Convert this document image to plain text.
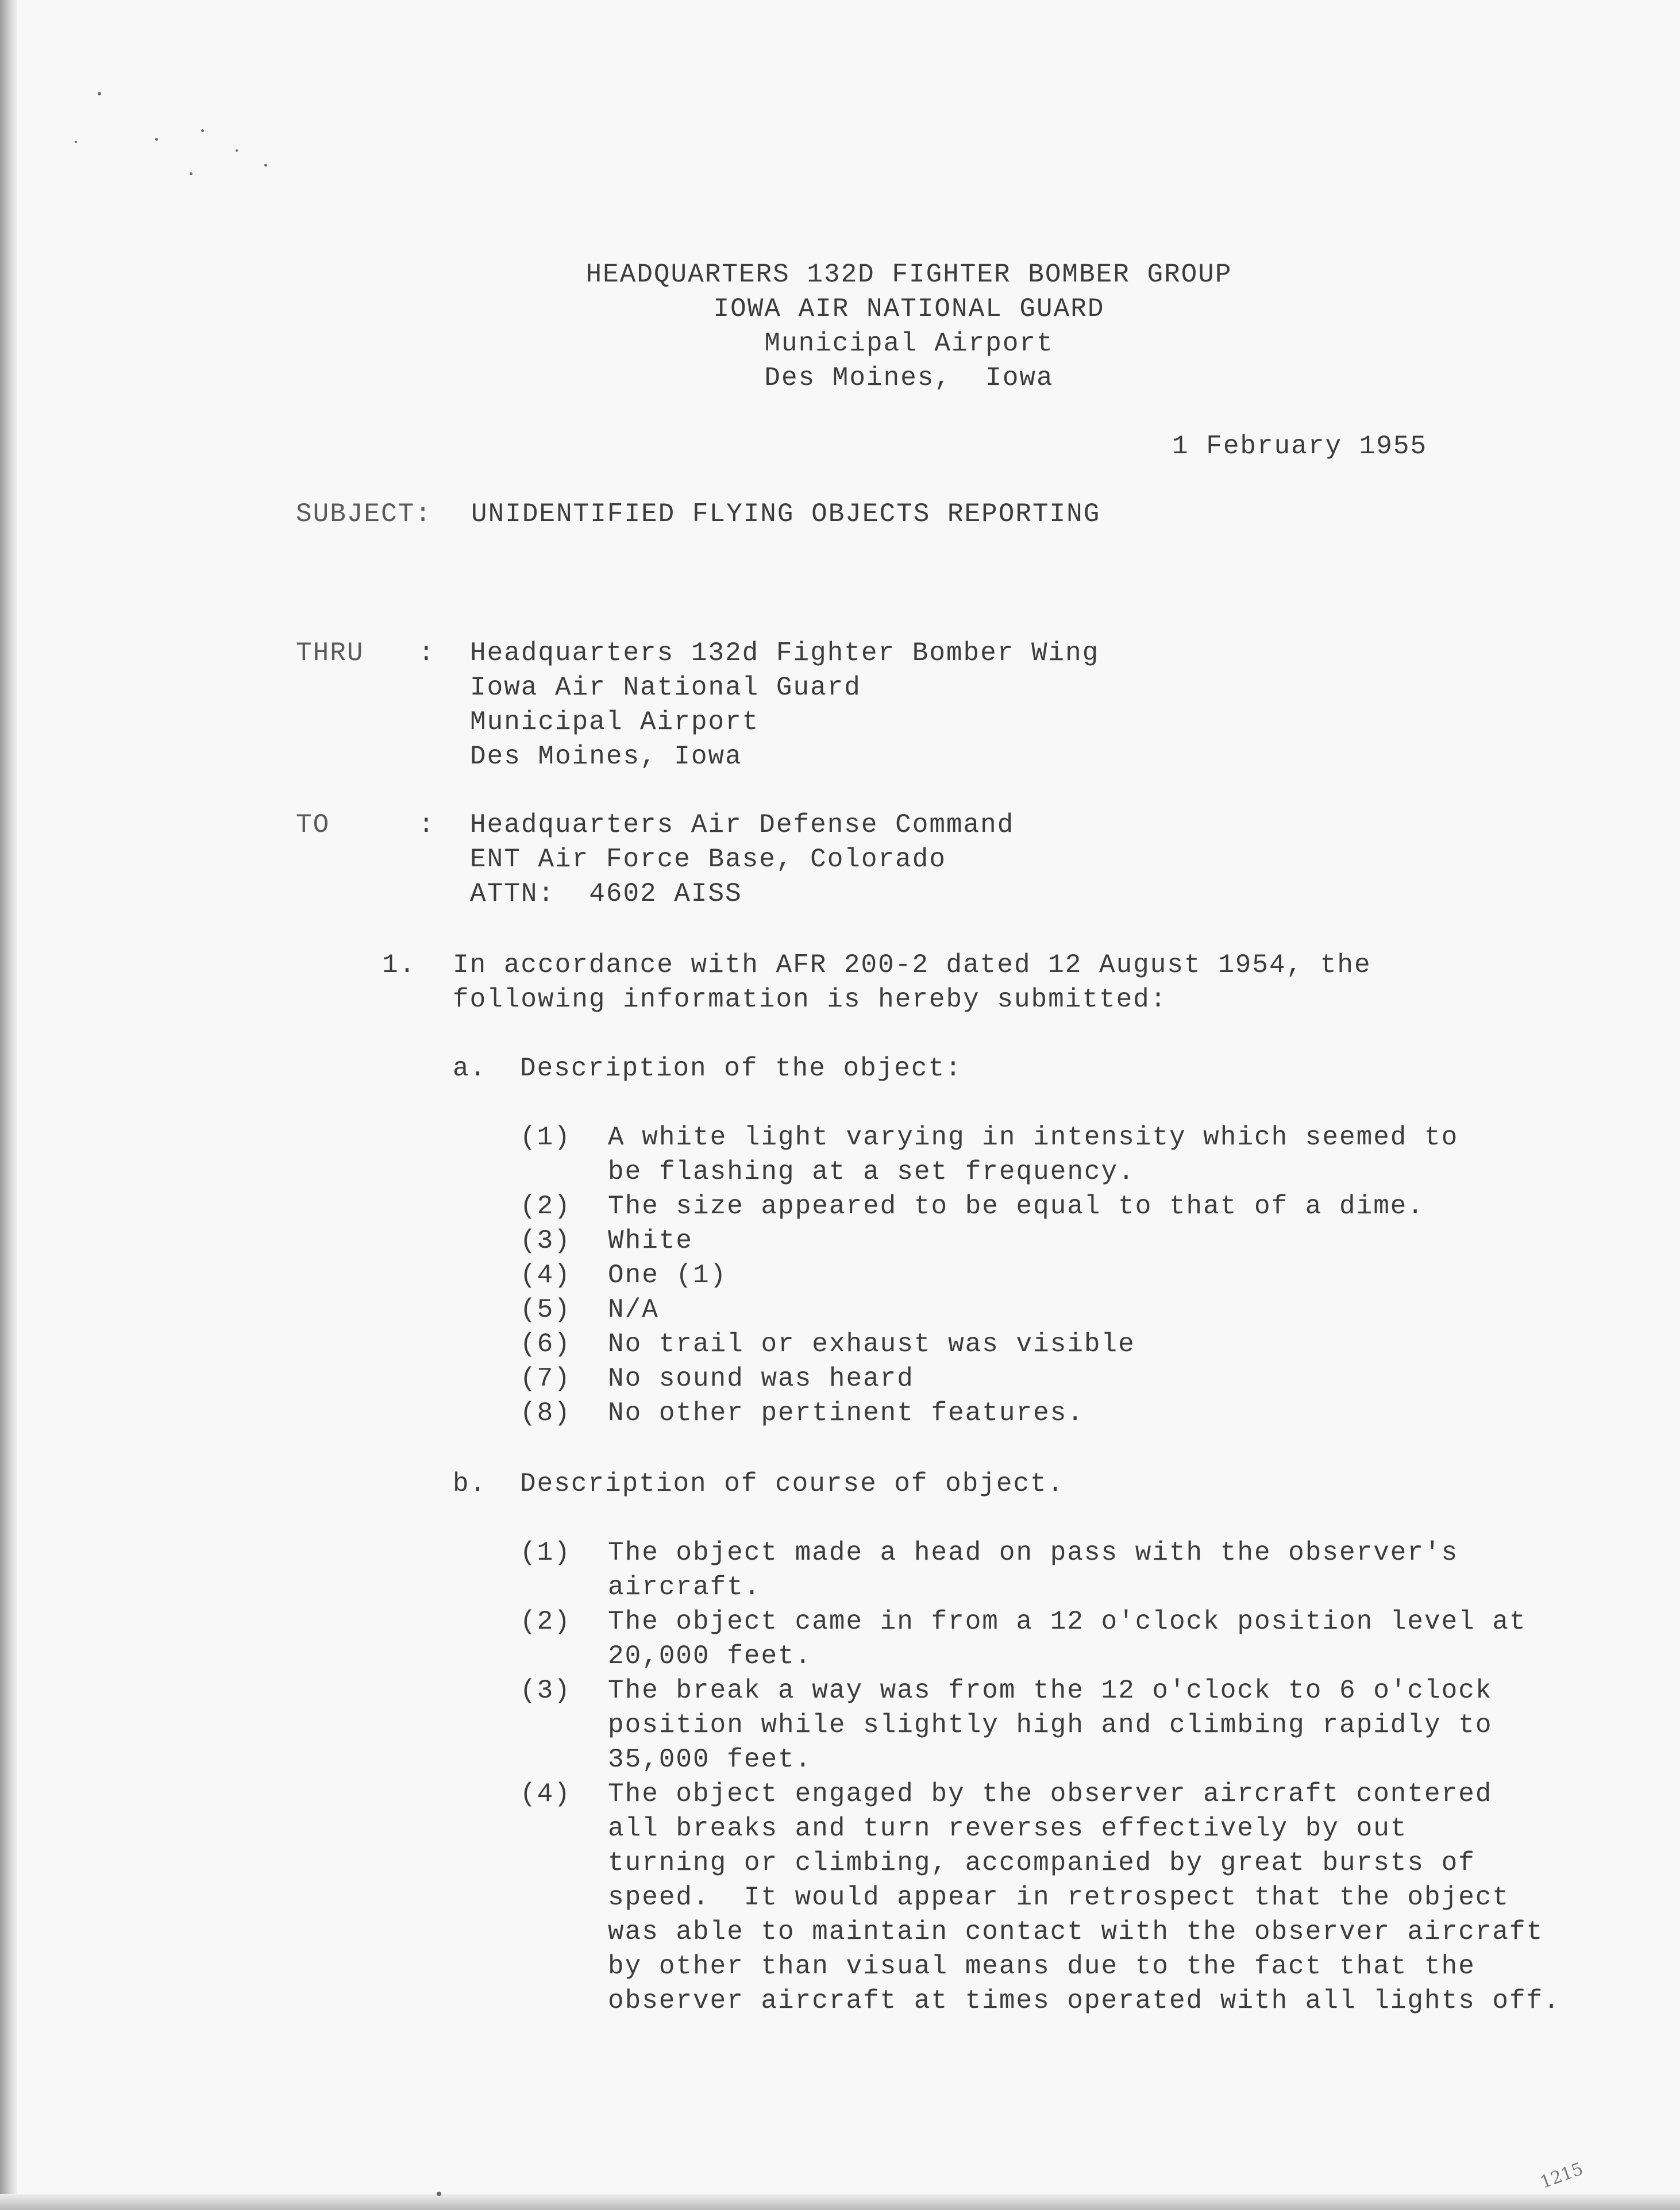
HEADQUARTERS 132D FIGHTER BOMBER GROUP
IOWA AIR NATIONAL GUARD
Municipal Airport
Des Moines,  Iowa
1 February 1955
SUBJECT: UNIDENTIFIED FLYING OBJECTS REPORTING
THRU : Headquarters 132d Fighter Bomber Wing
Iowa Air National Guard
Municipal Airport
Des Moines, Iowa
TO	: Headquarters Air Defense Command
ENT Air Force Base, Colorado
ATTN:  4602 AISS
1. In accordance with AFR 200-2 dated 12 August 1954, the
following information is hereby submitted:
a. Description of the object:
(1) A white light varying in intensity which seemed to
be flashing at a set frequency.
(2) The size appeared to be equal to that of a dime.
(3) White
(4) One (1)
(5) N/A
(6) No trail or exhaust was visible
(7) No sound was heard
(8) No other pertinent features.
b. Description of course of object.
(1) The object made a head on pass with the observer's
aircraft.
(2) The object came in from a 12 o'clock position level at
20,000 feet.
(3) The break a way was from the 12 o'clock to 6 o'clock
position while slightly high and climbing rapidly to
35,000 feet.
(4) The object engaged by the observer aircraft contered
all breaks and turn reverses effectively by out
turning or climbing, accompanied by great bursts of
speed.  It would appear in retrospect that the object
was able to maintain contact with the observer aircraft
by other than visual means due to the fact that the
observer aircraft at times operated with all lights off.
1215
